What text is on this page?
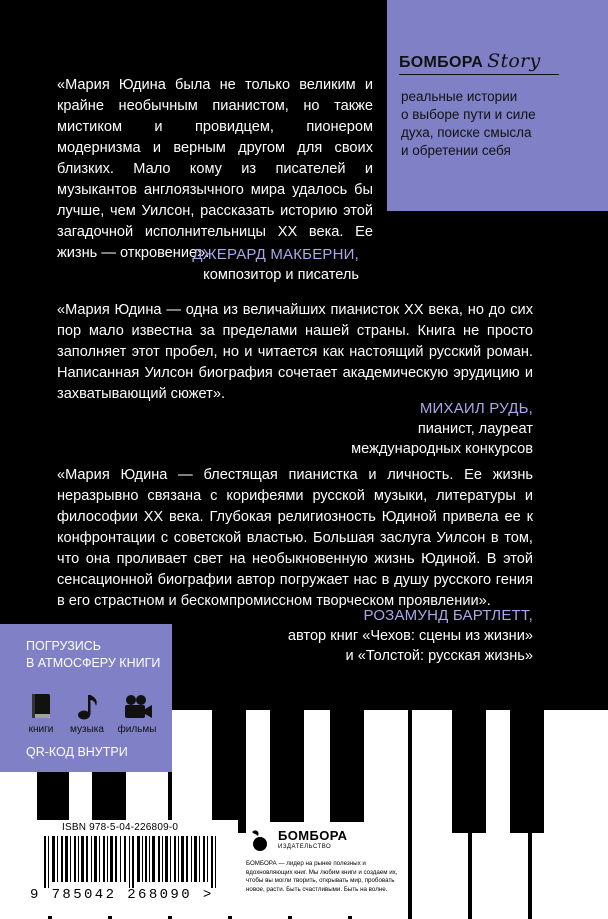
БОМБОРА Story
реальные истории
о выборе пути и силе
духа, поиске смысла
и обретении себя
«Мария Юдина была не только великим и крайне необычным пианистом, но также мистиком и провидцем, пионером модернизма и верным другом для своих близких. Мало кому из писателей и музыкантов англоязычного мира удалось бы лучше, чем Уилсон, рассказать историю этой загадочной исполнительницы XX века. Ее жизнь — откровение».
ДЖЕРАРД МАКБЕРНИ,
композитор и писатель
«Мария Юдина — одна из величайших пианисток XX века, но до сих пор мало известна за пределами нашей страны. Книга не просто заполняет этот пробел, но и читается как настоящий русский роман. Написанная Уилсон биография сочетает академическую эрудицию и захватывающий сюжет».
МИХАИЛ РУДЬ,
пианист, лауреат
международных конкурсов
«Мария Юдина — блестящая пианистка и личность. Ее жизнь неразрывно связана с корифеями русской музыки, литературы и философии XX века. Глубокая религиозность Юдиной привела ее к конфронтации с советской властью. Большая заслуга Уилсон в том, что она проливает свет на необыкновенную жизнь Юдиной. В этой сенсационной биографии автор погружает нас в душу русского гения в его страстном и бескомпромиссном творческом проявлении».
РОЗАМУНД БАРТЛЕТТ,
автор книг «Чехов: сцены из жизни»
и «Толстой: русская жизнь»
ПОГРУЗИСЬ
В АТМОСФЕРУ КНИГИ
книги	музыка	фильмы
QR-КОД ВНУТРИ
ISBN 978-5-04-226809-0
9 785042 268090 >
БОМБОРА
ИЗДАТЕЛЬСТВО
БОМБОРА — лидер на рынке полезных и вдохновляющих книг. Мы любим книги и создаем их, чтобы вы могли творить, открывать мир, пробовать новое, расти. Быть счастливыми. Быть на волне.
